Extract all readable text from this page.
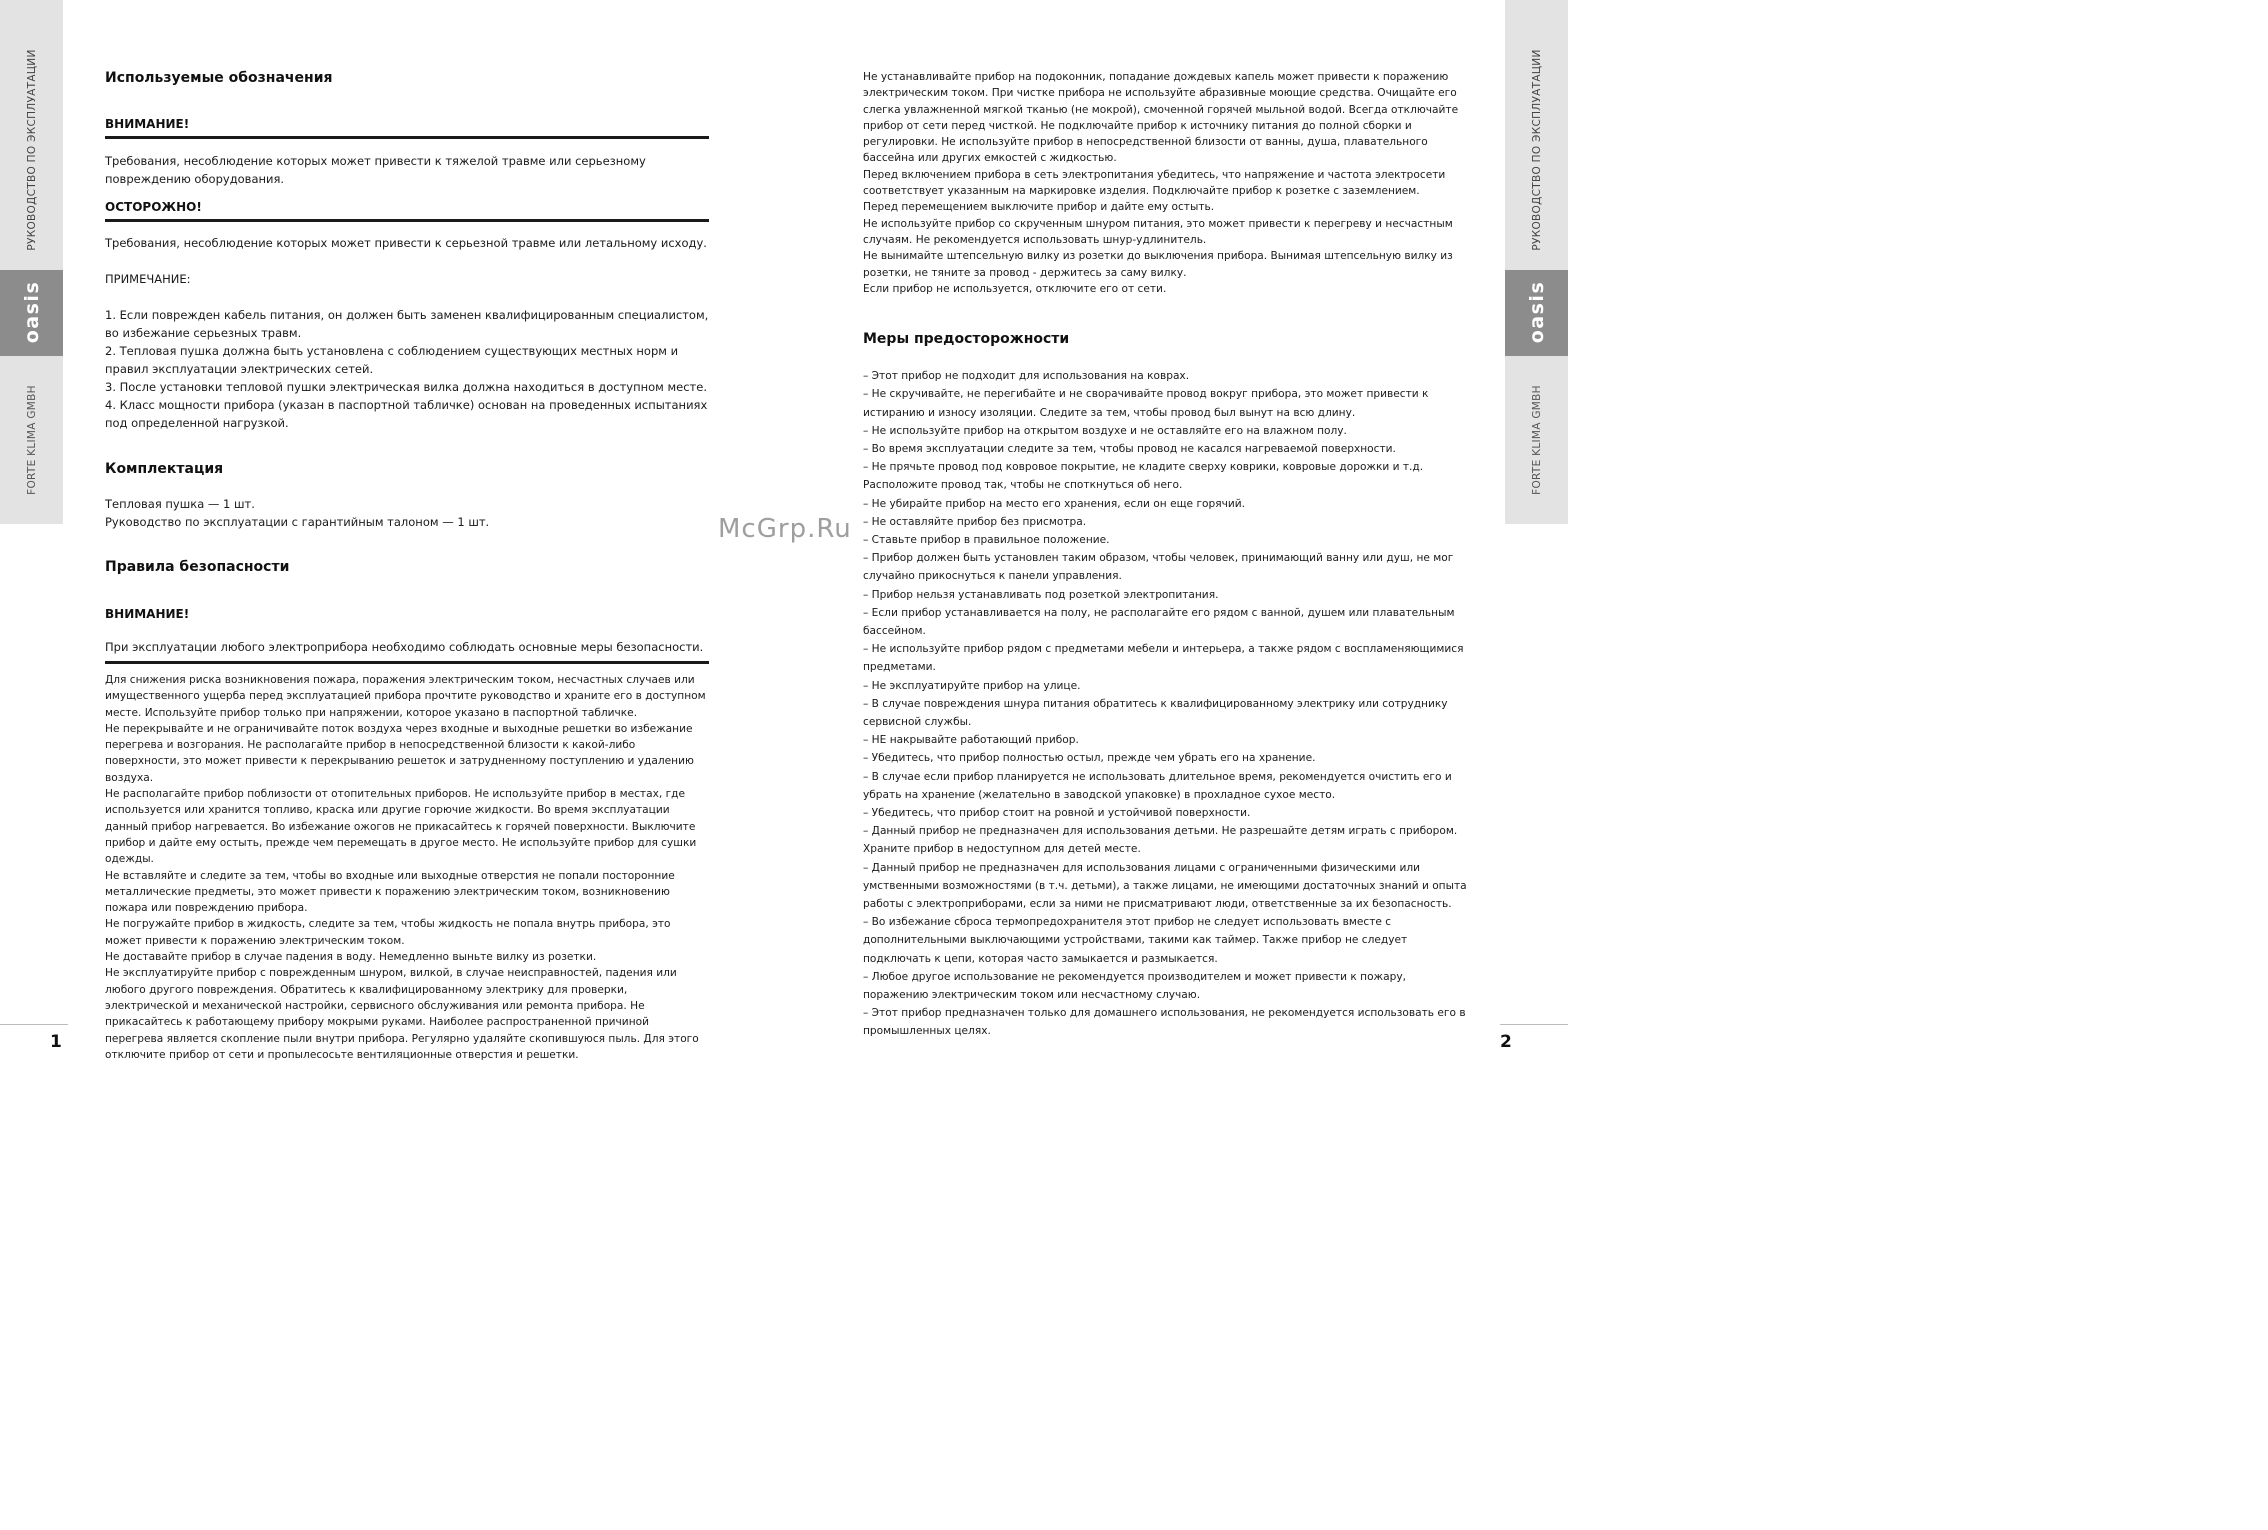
РУКОВОДСТВО ПО ЭКСПЛУАТАЦИИ
oasis
FORTE KLIMA GMBH
РУКОВОДСТВО ПО ЭКСПЛУАТАЦИИ
oasis
FORTE KLIMA GMBH
1	2
McGrp.Ru

Используемые обозначения

ВНИМАНИЕ!

Требования, несоблюдение которых может привести к тяжелой травме или серьезному повреждению оборудования.

ОСТОРОЖНО!

Требования, несоблюдение которых может привести к серьезной травме или летальному исходу.

ПРИМЕЧАНИЕ:

1. Если поврежден кабель питания, он должен быть заменен квалифицированным специалистом, во избежание серьезных травм.

2. Тепловая пушка должна быть установлена с соблюдением существующих местных норм и правил эксплуатации электрических сетей.

3. После установки тепловой пушки электрическая вилка должна находиться в доступном месте.

4. Класс мощности прибора (указан в паспортной табличке) основан на проведенных испытаниях под определенной нагрузкой.

Комплектация

Тепловая пушка — 1 шт.

Руководство по эксплуатации с гарантийным талоном — 1 шт.

Правила безопасности

ВНИМАНИЕ!

При эксплуатации любого электроприбора необходимо соблюдать основные меры безопасности.

Для снижения риска возникновения пожара, поражения электрическим током, несчастных случаев или имущественного ущерба перед эксплуатацией прибора прочтите руководство и храните его в доступном месте. Используйте прибор только при напряжении, которое указано в паспортной табличке.
Не перекрывайте и не ограничивайте поток воздуха через входные и выходные решетки во избежание перегрева и возгорания. Не располагайте прибор в непосредственной близости к какой-либо поверхности, это может привести к перекрыванию решеток и затрудненному поступлению и удалению воздуха.
Не располагайте прибор поблизости от отопительных приборов. Не используйте прибор в местах, где используется или хранится топливо, краска или другие горючие жидкости. Во время эксплуатации данный прибор нагревается. Во избежание ожогов не прикасайтесь к горячей поверхности. Выключите прибор и дайте ему остыть, прежде чем перемещать в другое место. Не используйте прибор для сушки одежды.
Не вставляйте и следите за тем, чтобы во входные или выходные отверстия не попали посторонние металлические предметы, это может привести к поражению электрическим током, возникновению пожара или повреждению прибора.
Не погружайте прибор в жидкость, следите за тем, чтобы жидкость не попала внутрь прибора, это может привести к поражению электрическим током.
Не доставайте прибор в случае падения в воду. Немедленно выньте вилку из розетки.
Не эксплуатируйте прибор с поврежденным шнуром, вилкой, в случае неисправностей, падения или любого другого повреждения. Обратитесь к квалифицированному электрику для проверки, электрической и механической настройки, сервисного обслуживания или ремонта прибора. Не прикасайтесь к работающему прибору мокрыми руками. Наиболее распространенной причиной перегрева является скопление пыли внутри прибора. Регулярно удаляйте скопившуюся пыль. Для этого отключите прибор от сети и пропылесосьте вентиляционные отверстия и решетки.

Не устанавливайте прибор на подоконник, попадание дождевых капель может привести к поражению электрическим током. При чистке прибора не используйте абразивные моющие средства. Очищайте его слегка увлажненной мягкой тканью (не мокрой), смоченной горячей мыльной водой. Всегда отключайте прибор от сети перед чисткой. Не подключайте прибор к источнику питания до полной сборки и регулировки. Не используйте прибор в непосредственной близости от ванны, душа, плавательного бассейна или других емкостей с жидкостью.
Перед включением прибора в сеть электропитания убедитесь, что напряжение и частота электросети соответствует указанным на маркировке изделия. Подключайте прибор к розетке с заземлением.
Перед перемещением выключите прибор и дайте ему остыть.
Не используйте прибор со скрученным шнуром питания, это может привести к перегреву и несчастным случаям. Не рекомендуется использовать шнур-удлинитель.
Не вынимайте штепсельную вилку из розетки до выключения прибора. Вынимая штепсельную вилку из розетки, не тяните за провод - держитесь за саму вилку.
Если прибор не используется, отключите его от сети.

Меры предосторожности

– Этот прибор не подходит для использования на коврах.
– Не скручивайте, не перегибайте и не сворачивайте провод вокруг прибора, это может привести к истиранию и износу изоляции. Следите за тем, чтобы провод был вынут на всю длину.
– Не используйте прибор на открытом воздухе и не оставляйте его на влажном полу.
– Во время эксплуатации следите за тем, чтобы провод не касался нагреваемой поверхности.
– Не прячьте провод под ковровое покрытие, не кладите сверху коврики, ковровые дорожки и т.д. Расположите провод так, чтобы не споткнуться об него.
– Не убирайте прибор на место его хранения, если он еще горячий.
– Не оставляйте прибор без присмотра.
– Ставьте прибор в правильное положение.
– Прибор должен быть установлен таким образом, чтобы человек, принимающий ванну или душ, не мог случайно прикоснуться к панели управления.
– Прибор нельзя устанавливать под розеткой электропитания.
– Если прибор устанавливается на полу, не располагайте его рядом с ванной, душем или плавательным бассейном.
– Не используйте прибор рядом с предметами мебели и интерьера, а также рядом с воспламеняющимися предметами.
– Не эксплуатируйте прибор на улице.
– В случае повреждения шнура питания обратитесь к квалифицированному электрику или сотруднику сервисной службы.
– НЕ накрывайте работающий прибор.
– Убедитесь, что прибор полностью остыл, прежде чем убрать его на хранение.
– В случае если прибор планируется не использовать длительное время, рекомендуется очистить его и убрать на хранение (желательно в заводской упаковке) в прохладное сухое место.
– Убедитесь, что прибор стоит на ровной и устойчивой поверхности.
– Данный прибор не предназначен для использования детьми. Не разрешайте детям играть с прибором. Храните прибор в недоступном для детей месте.
– Данный прибор не предназначен для использования лицами с ограниченными физическими или умственными возможностями (в т.ч. детьми), а также лицами, не имеющими достаточных знаний и опыта работы с электроприборами, если за ними не присматривают люди, ответственные за их безопасность.
– Во избежание сброса термопредохранителя этот прибор не следует использовать вместе с дополнительными выключающими устройствами, такими как таймер. Также прибор не следует подключать к цепи, которая часто замыкается и размыкается.
– Любое другое использование не рекомендуется производителем и может привести к пожару, поражению электрическим током или несчастному случаю.
– Этот прибор предназначен только для домашнего использования, не рекомендуется использовать его в промышленных целях.
